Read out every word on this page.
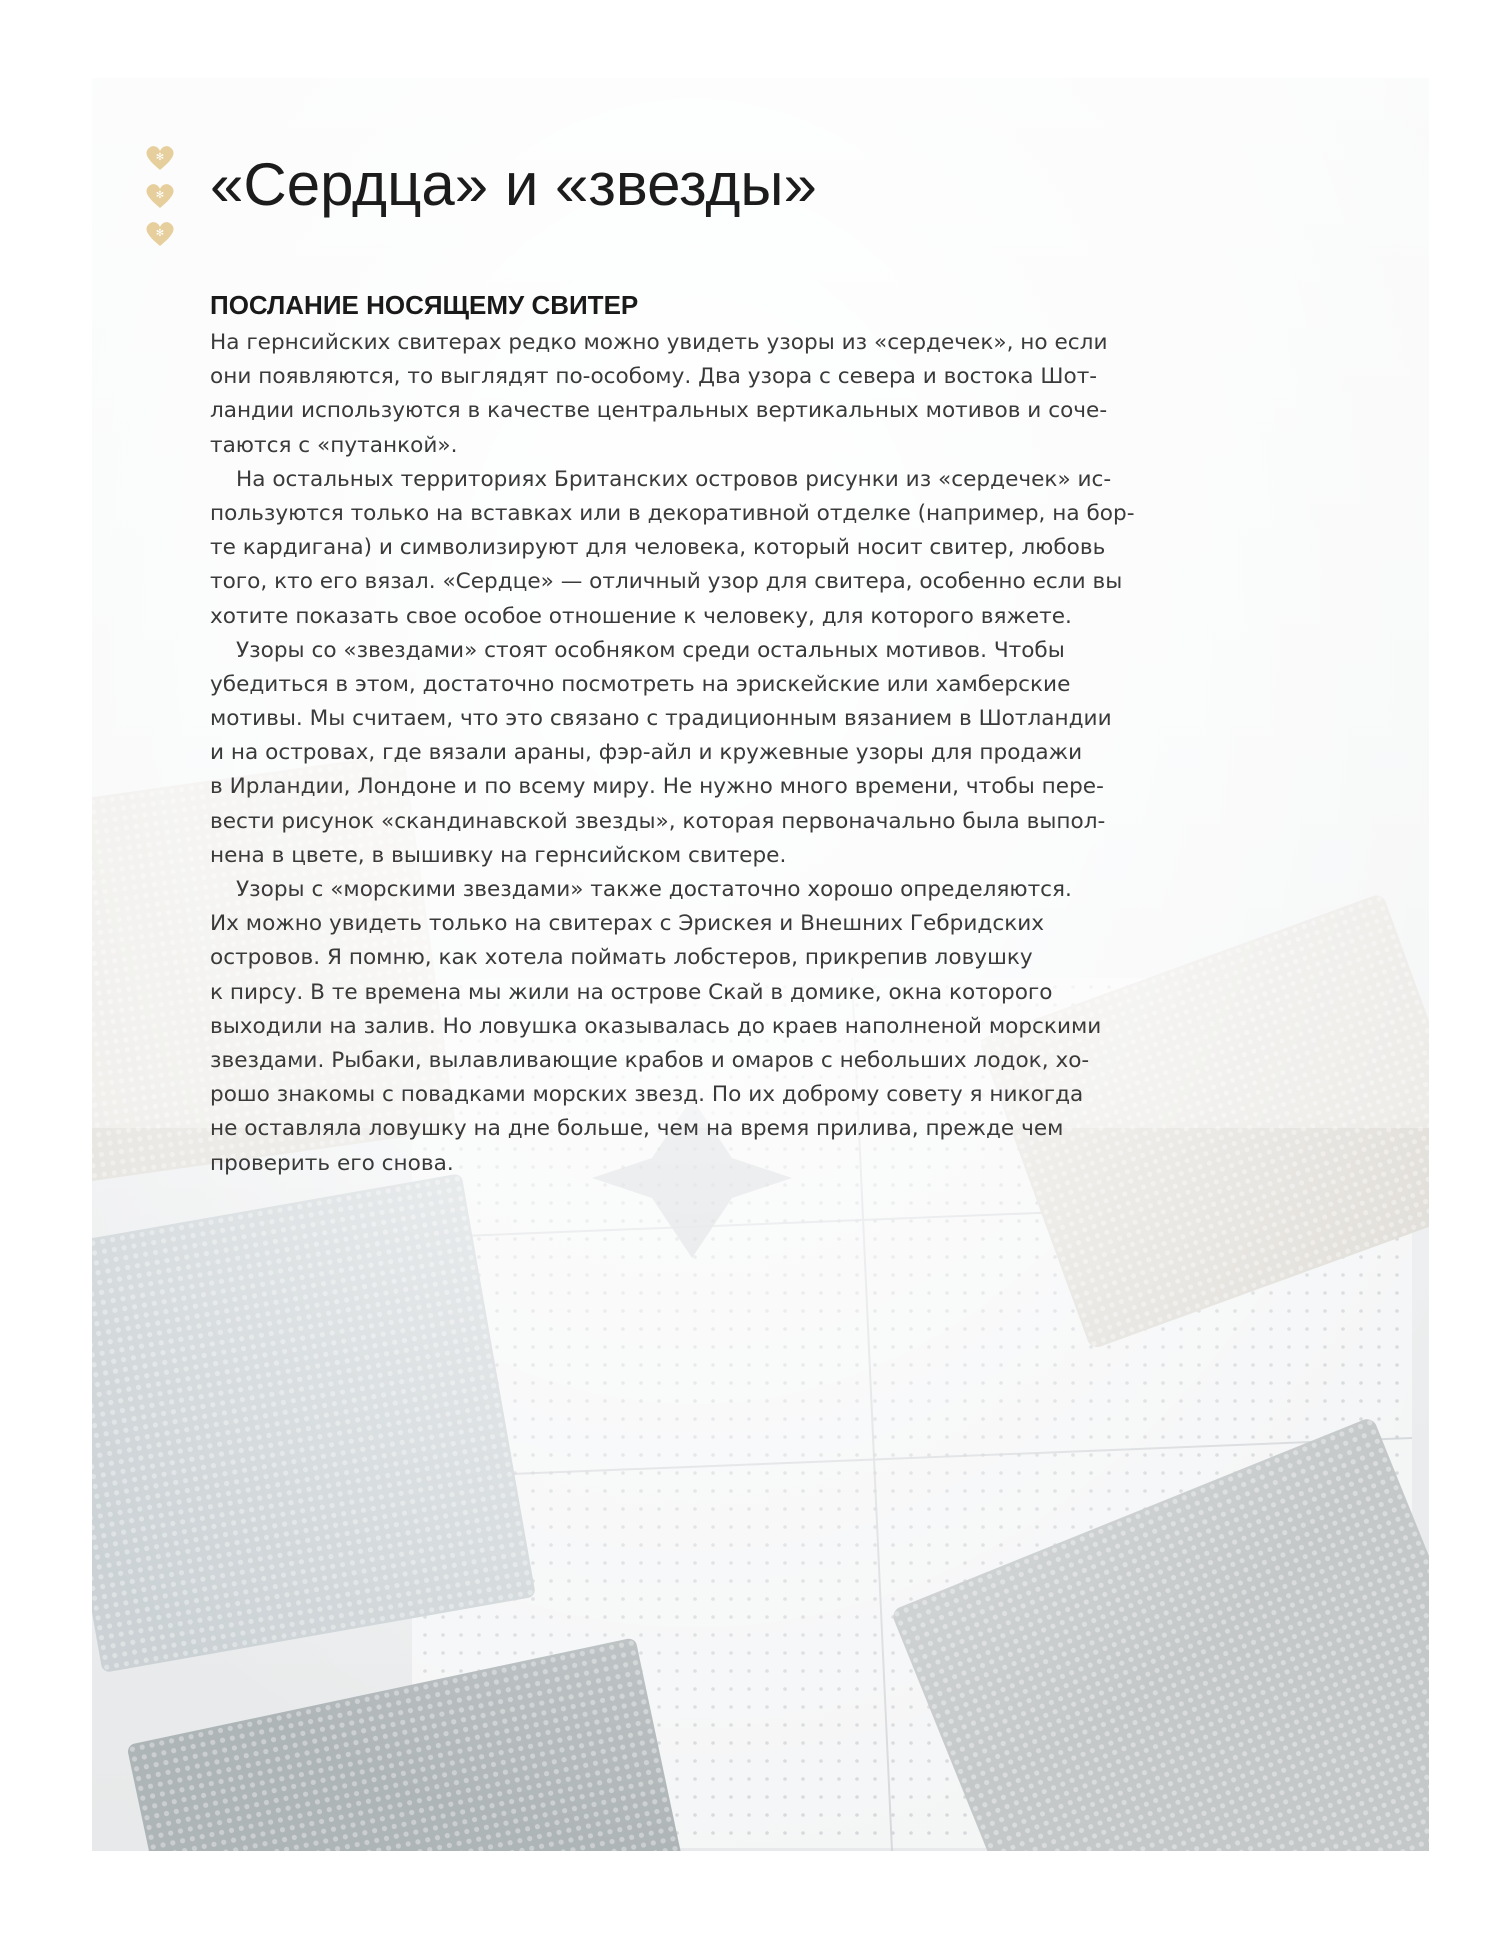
✻
✻
✻
«Сердца» и «звезды»
ПОСЛАНИЕ НОСЯЩЕМУ СВИТЕР
На гернсийских свитерах редко можно увидеть узоры из «сердечек», но если
они появляются, то выглядят по-особому. Два узора с севера и востока Шот-
ландии используются в качестве центральных вертикальных мотивов и соче-
таются с «путанкой».
На остальных территориях Британских островов рисунки из «сердечек» ис-
пользуются только на вставках или в декоративной отделке (например, на бор-
те кардигана) и символизируют для человека, который носит свитер, любовь
того, кто его вязал. «Сердце» — отличный узор для свитера, особенно если вы
хотите показать свое особое отношение к человеку, для которого вяжете.
Узоры со «звездами» стоят особняком среди остальных мотивов. Чтобы
убедиться в этом, достаточно посмотреть на эрискейские или хамберские
мотивы. Мы считаем, что это связано с традиционным вязанием в Шотландии
и на островах, где вязали араны, фэр-айл и кружевные узоры для продажи
в Ирландии, Лондоне и по всему миру. Не нужно много времени, чтобы пере-
вести рисунок «скандинавской звезды», которая первоначально была выпол-
нена в цвете, в вышивку на гернсийском свитере.
Узоры с «морскими звездами» также достаточно хорошо определяются.
Их можно увидеть только на свитерах с Эрискея и Внешних Гебридских
островов. Я помню, как хотела поймать лобстеров, прикрепив ловушку
к пирсу. В те времена мы жили на острове Скай в домике, окна которого
выходили на залив. Но ловушка оказывалась до краев наполненой морскими
звездами. Рыбаки, вылавливающие крабов и омаров с небольших лодок, хо-
рошо знакомы с повадками морских звезд. По их доброму совету я никогда
не оставляла ловушку на дне больше, чем на время прилива, прежде чем
проверить его снова.
